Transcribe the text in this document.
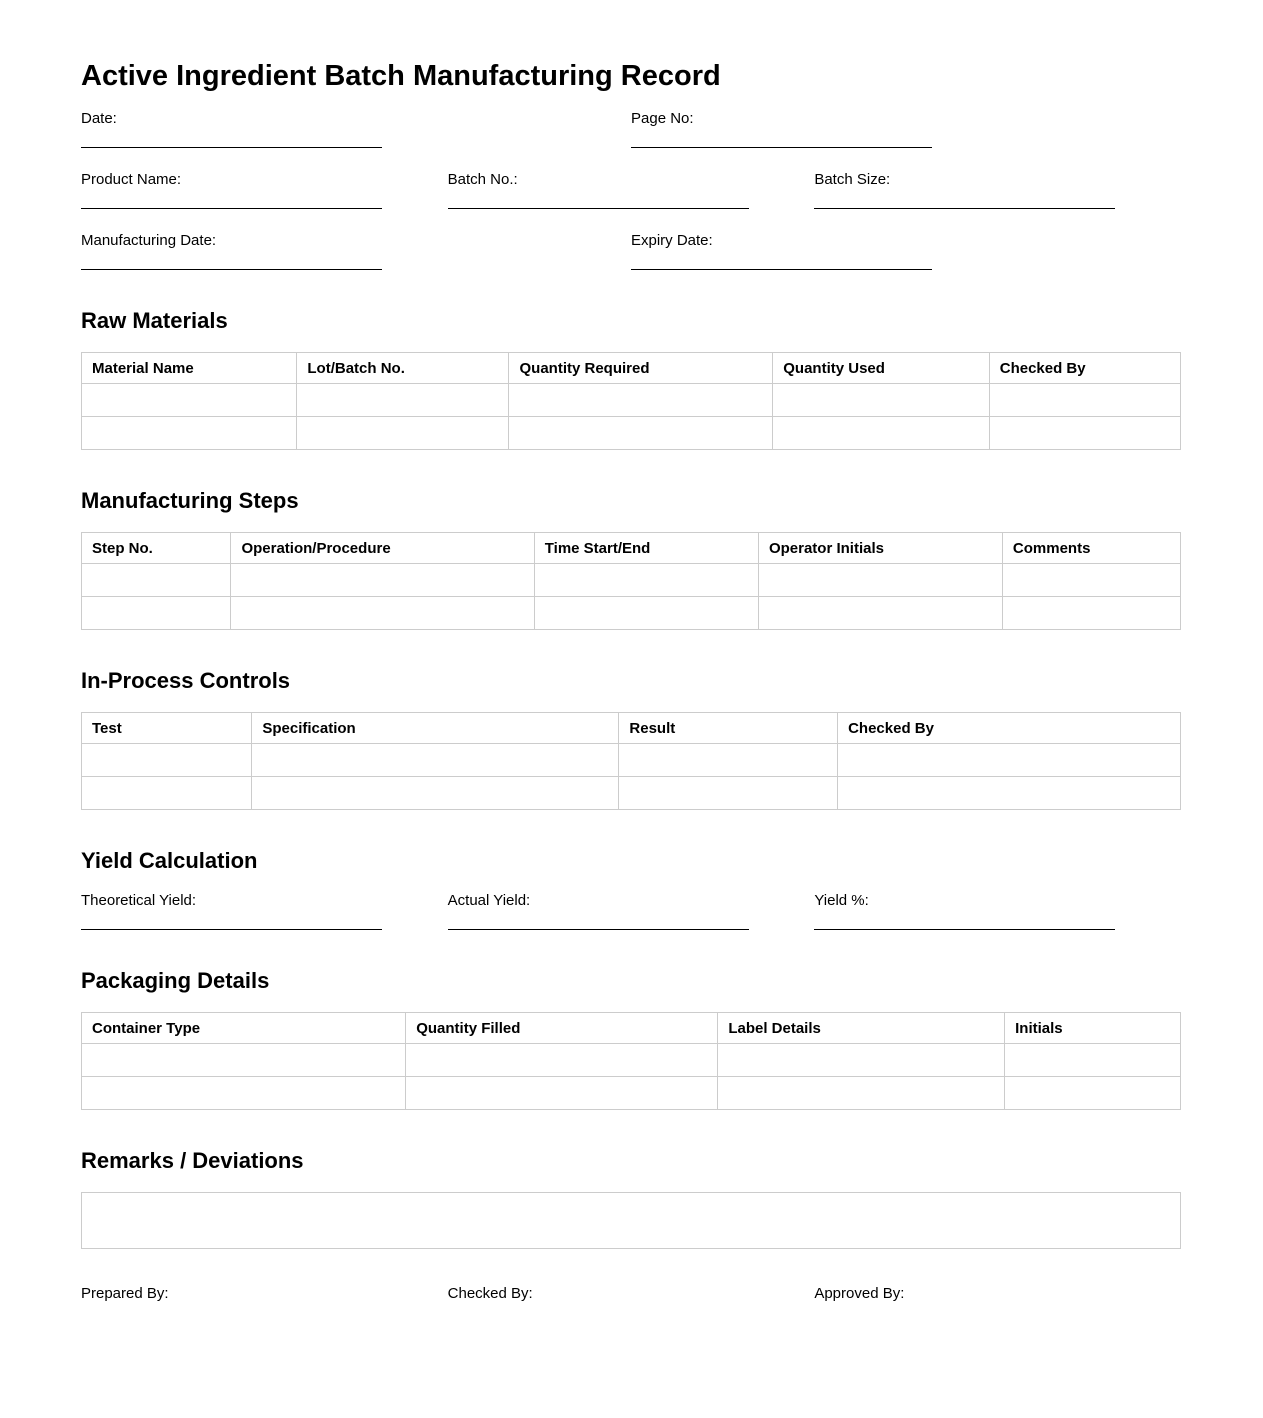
Active Ingredient Batch Manufacturing Record
Date:	Page No:
Product Name:	Batch No.:	Batch Size:
Manufacturing Date:	Expiry Date:
Raw Materials
Material Name	Lot/Batch No.	Quantity Required	Quantity Used	Checked By

Manufacturing Steps
Step No.	Operation/Procedure	Time Start/End	Operator Initials	Comments

In-Process Controls
Test	Specification	Result	Checked By

Yield Calculation
Theoretical Yield:	Actual Yield:	Yield %:
Packaging Details
Container Type	Quantity Filled	Label Details	Initials

Remarks / Deviations
Prepared By:	Checked By:	Approved By:
